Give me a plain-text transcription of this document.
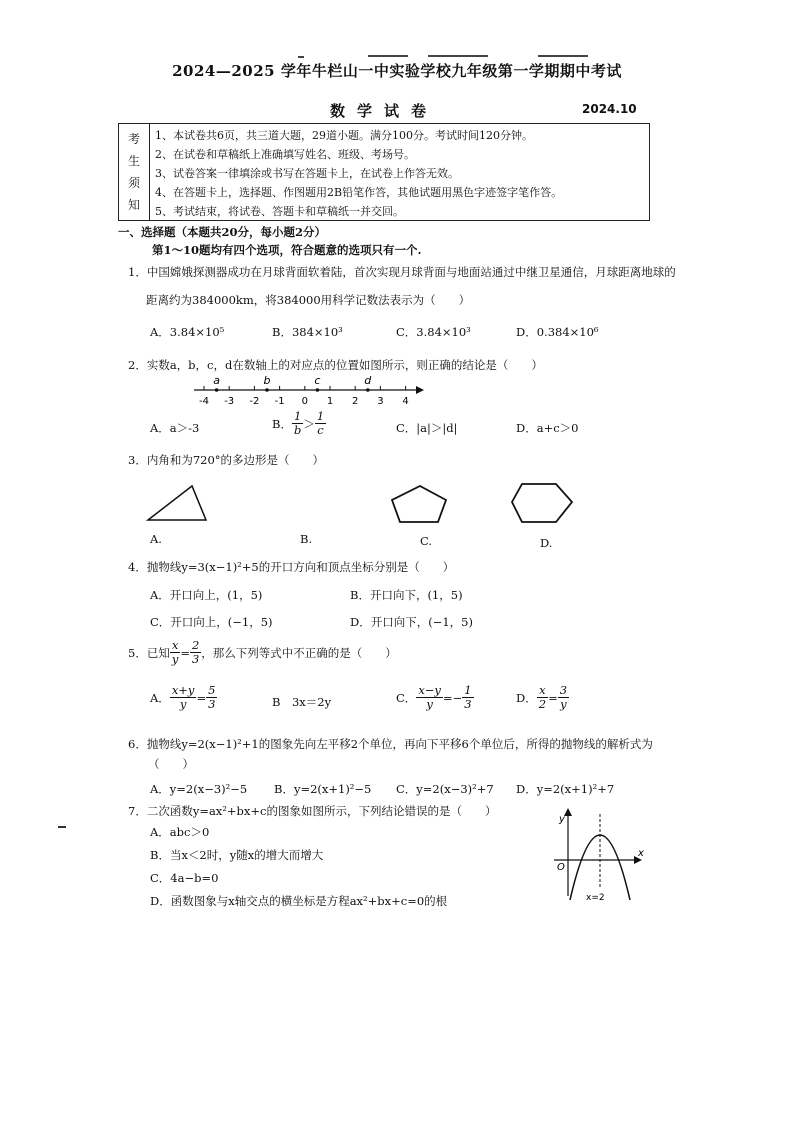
2024—2025 学年牛栏山一中实验学校九年级第一学期期中考试
数学试卷	2024.10
考
生
须
知
1、本试卷共6页，共三道大题，29道小题。满分100分。考试时间120分钟。
2、在试卷和草稿纸上准确填写姓名、班级、考场号。
3、试卷答案一律填涂或书写在答题卡上，在试卷上作答无效。
4、在答题卡上，选择题、作图题用2B铅笔作答，其他试题用黑色字迹签字笔作答。
5、考试结束，将试卷、答题卡和草稿纸一并交回。
一、选择题（本题共20分，每小题2分）
第1～10题均有四个选项，符合题意的选项只有一个.
1．中国嫦娥探测器成功在月球背面软着陆，首次实现月球背面与地面站通过中继卫星通信，月球距离地球的
距离约为384000km，将384000用科学记数法表示为（　　）
A．3.84×10⁵	B．384×10³	C．3.84×10³	D．0.384×10⁶
2．实数a，b，c，d在数轴上的对应点的位置如图所示，则正确的结论是（　　）
-4 -3 -2 -1 0 1 2 3 4
a	b	c	d
A．a＞-3	B． $\frac{1}{b} > \frac{1}{c}$	C．|a|＞|d|	D．a+c＞0
3．内角和为720°的多边形是（　　）
A.	B.	C.	D.
4．抛物线y=3(x−1)²+5的开口方向和顶点坐标分别是（　　）
A．开口向上，(1，5)	B．开口向下，(1，5)
C．开口向上，(−1，5)	D．开口向下，(−1，5)
5．已知 $\frac{x}{y} = \frac{2}{3}$ ，那么下列等式中不正确的是（　　）
A． $\frac{x+y}{y} = \frac{5}{3}$	B　3x＝2y	C． $\frac{x-y}{y} =- \frac{1}{3}$	D． $\frac{x}{2} = \frac{3}{y}$
6．抛物线y=2(x−1)²+1的图象先向左平移2个单位，再向下平移6个单位后，所得的抛物线的解析式为
（　　）
A．y=2(x−3)²−5 B．y=2(x+1)²−5 C．y=2(x−3)²+7 D．y=2(x+1)²+7
7．二次函数y=ax²+bx+c的图象如图所示，下列结论错误的是（　　）
A．abc＞0
B．当x＜2时，y随x的增大而增大
C．4a−b=0
D．函数图象与x轴交点的横坐标是方程ax²+bx+c=0的根
y
x
O
x=2
